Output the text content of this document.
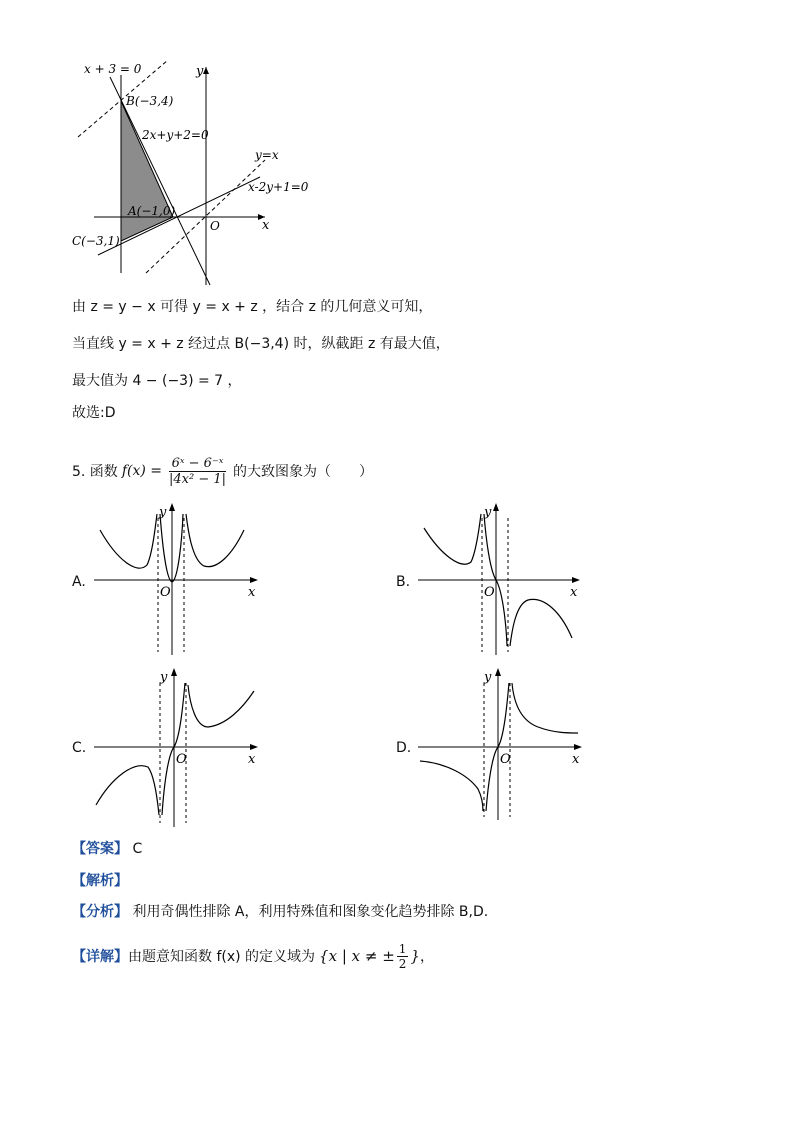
x + 3 = 0
B(−3,4)
2x+y+2=0
y=x
x-2y+1=0
A(−1,0)
O
C(−3,1)
x
y
由 z = y − x 可得 y = x + z ，结合 z 的几何意义可知，
当直线 y = x + z 经过点 B(−3,4) 时，纵截距 z 有最大值，
最大值为 4 − (−3) = 7 ，
故选:D
5. 函数 $f(x) = \frac{\text{6ˣ − 6⁻ˣ}}{\text{|4x² − 1|}}$ 的大致图象为（　　）
A.
y
x
O
B.
y
x
O
C.
y
x
O
D.
y
x
O
【答案】 C
【解析】
【分析】 利用奇偶性排除 A，利用特殊值和图象变化趋势排除 B,D.
【详解】 由题意知函数 f(x) 的定义域为 {x | x ≠ ± $\frac{1}{2}$ } ，
